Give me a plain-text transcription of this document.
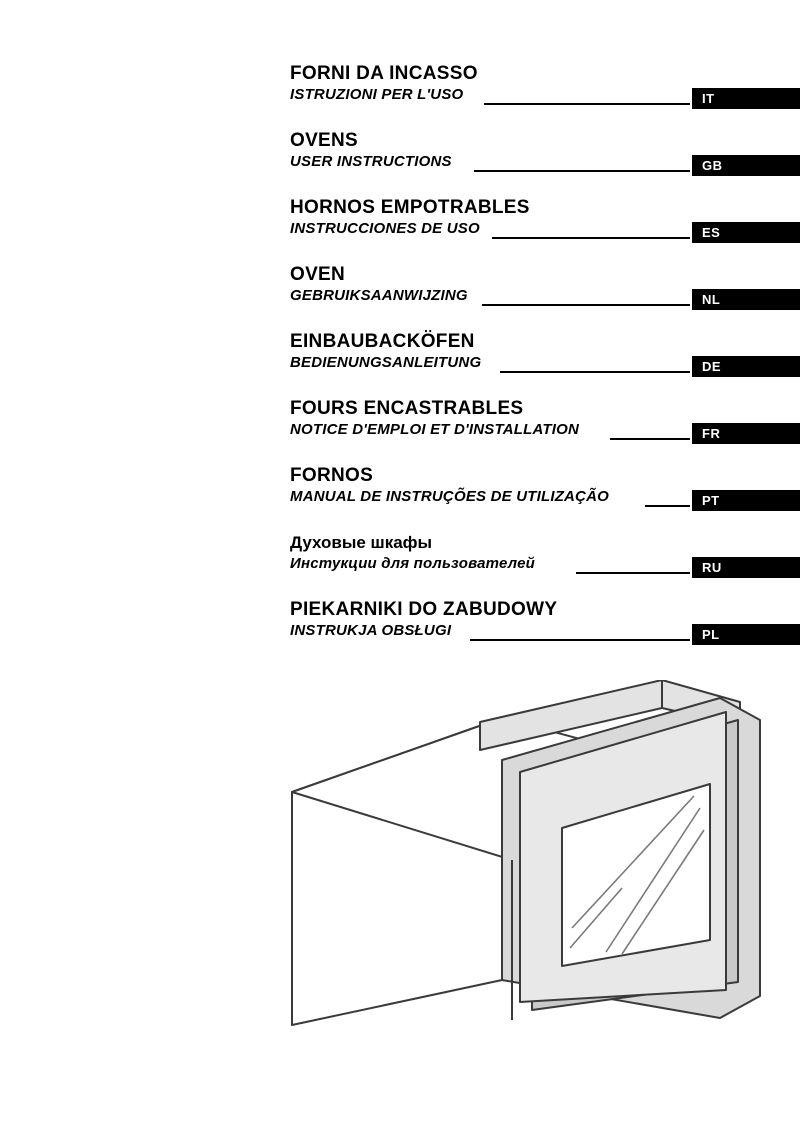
FORNI DA INCASSO
ISTRUZIONI PER L'USO	IT
OVENS
USER INSTRUCTIONS	GB
HORNOS EMPOTRABLES
INSTRUCCIONES DE USO	ES
OVEN
GEBRUIKSAANWIJZING	NL
EINBAUBACKÖFEN
BEDIENUNGSANLEITUNG	DE
FOURS ENCASTRABLES
NOTICE D'EMPLOI ET D'INSTALLATION	FR
FORNOS
MANUAL DE INSTRUÇÕES DE UTILIZAÇÃO	PT
Духовые шкафы
Инстукции для пользователей	RU
PIEKARNIKI DO ZABUDOWY
INSTRUKJA OBSŁUGI	PL
